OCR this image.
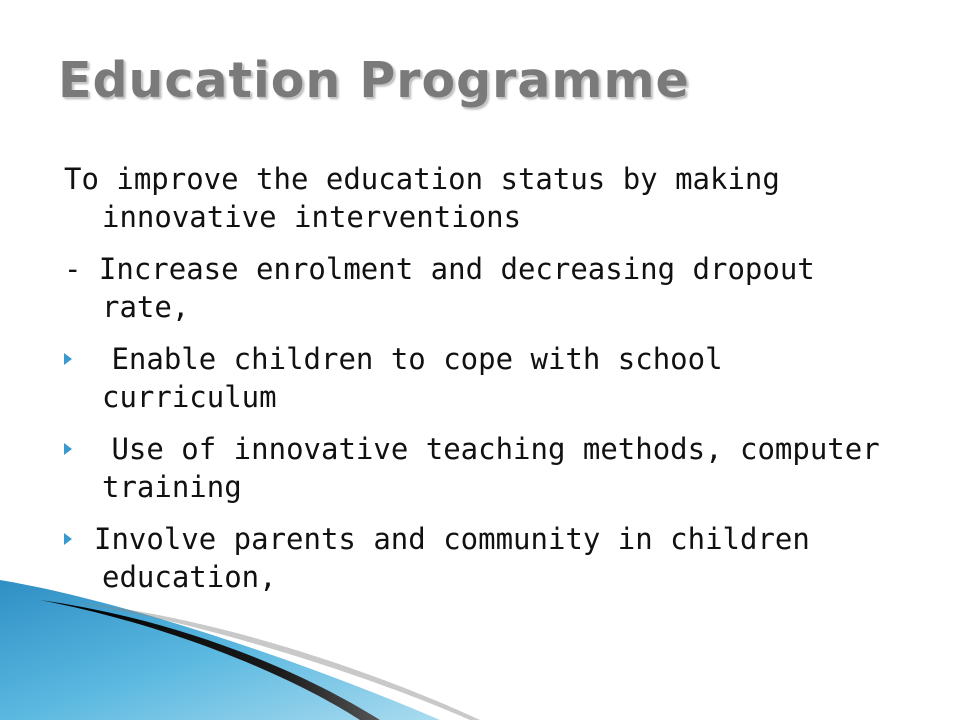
Education Programme
To improve the education status by making innovative interventions
- Increase enrolment and decreasing dropout rate,
Enable children to cope with school curriculum
Use of innovative teaching methods, computer training
Involve parents and community in children education,
